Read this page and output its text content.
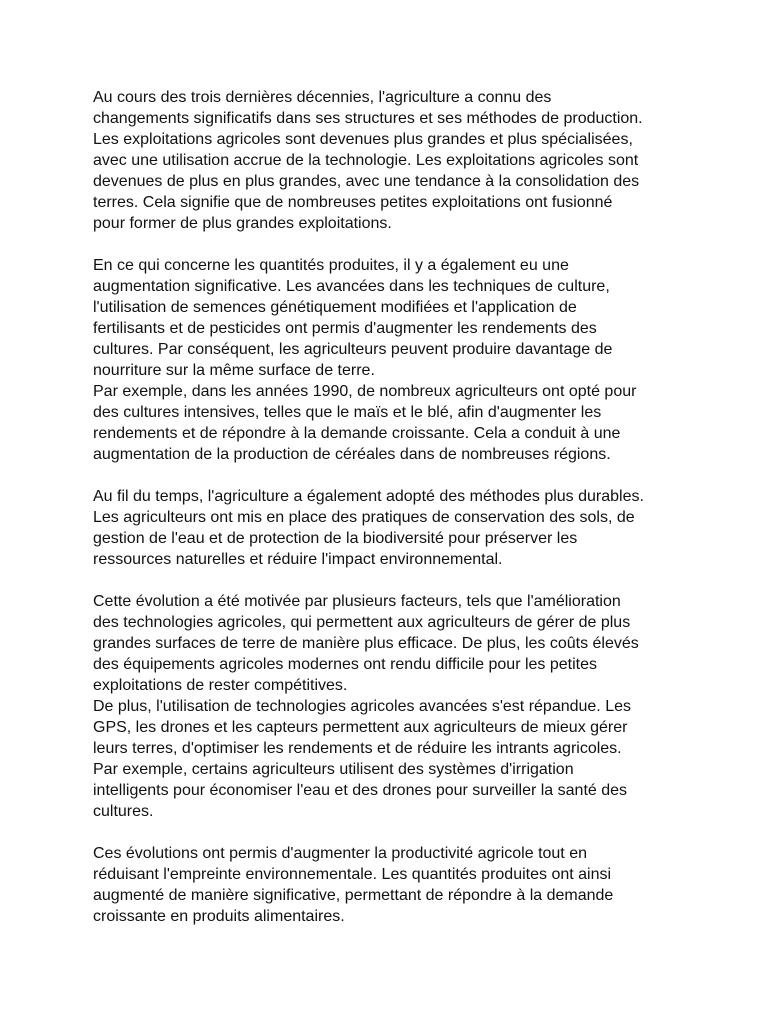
Au cours des trois dernières décennies, l'agriculture a connu des
changements significatifs dans ses structures et ses méthodes de production.
Les exploitations agricoles sont devenues plus grandes et plus spécialisées,
avec une utilisation accrue de la technologie. Les exploitations agricoles sont
devenues de plus en plus grandes, avec une tendance à la consolidation des
terres. Cela signifie que de nombreuses petites exploitations ont fusionné
pour former de plus grandes exploitations.
En ce qui concerne les quantités produites, il y a également eu une
augmentation significative. Les avancées dans les techniques de culture,
l'utilisation de semences génétiquement modifiées et l'application de
fertilisants et de pesticides ont permis d'augmenter les rendements des
cultures. Par conséquent, les agriculteurs peuvent produire davantage de
nourriture sur la même surface de terre.
Par exemple, dans les années 1990, de nombreux agriculteurs ont opté pour
des cultures intensives, telles que le maïs et le blé, afin d'augmenter les
rendements et de répondre à la demande croissante. Cela a conduit à une
augmentation de la production de céréales dans de nombreuses régions.
Au fil du temps, l'agriculture a également adopté des méthodes plus durables.
Les agriculteurs ont mis en place des pratiques de conservation des sols, de
gestion de l'eau et de protection de la biodiversité pour préserver les
ressources naturelles et réduire l'impact environnemental.
Cette évolution a été motivée par plusieurs facteurs, tels que l'amélioration
des technologies agricoles, qui permettent aux agriculteurs de gérer de plus
grandes surfaces de terre de manière plus efficace. De plus, les coûts élevés
des équipements agricoles modernes ont rendu difficile pour les petites
exploitations de rester compétitives.
De plus, l'utilisation de technologies agricoles avancées s'est répandue. Les
GPS, les drones et les capteurs permettent aux agriculteurs de mieux gérer
leurs terres, d'optimiser les rendements et de réduire les intrants agricoles.
Par exemple, certains agriculteurs utilisent des systèmes d'irrigation
intelligents pour économiser l'eau et des drones pour surveiller la santé des
cultures.
Ces évolutions ont permis d'augmenter la productivité agricole tout en
réduisant l'empreinte environnementale. Les quantités produites ont ainsi
augmenté de manière significative, permettant de répondre à la demande
croissante en produits alimentaires.
